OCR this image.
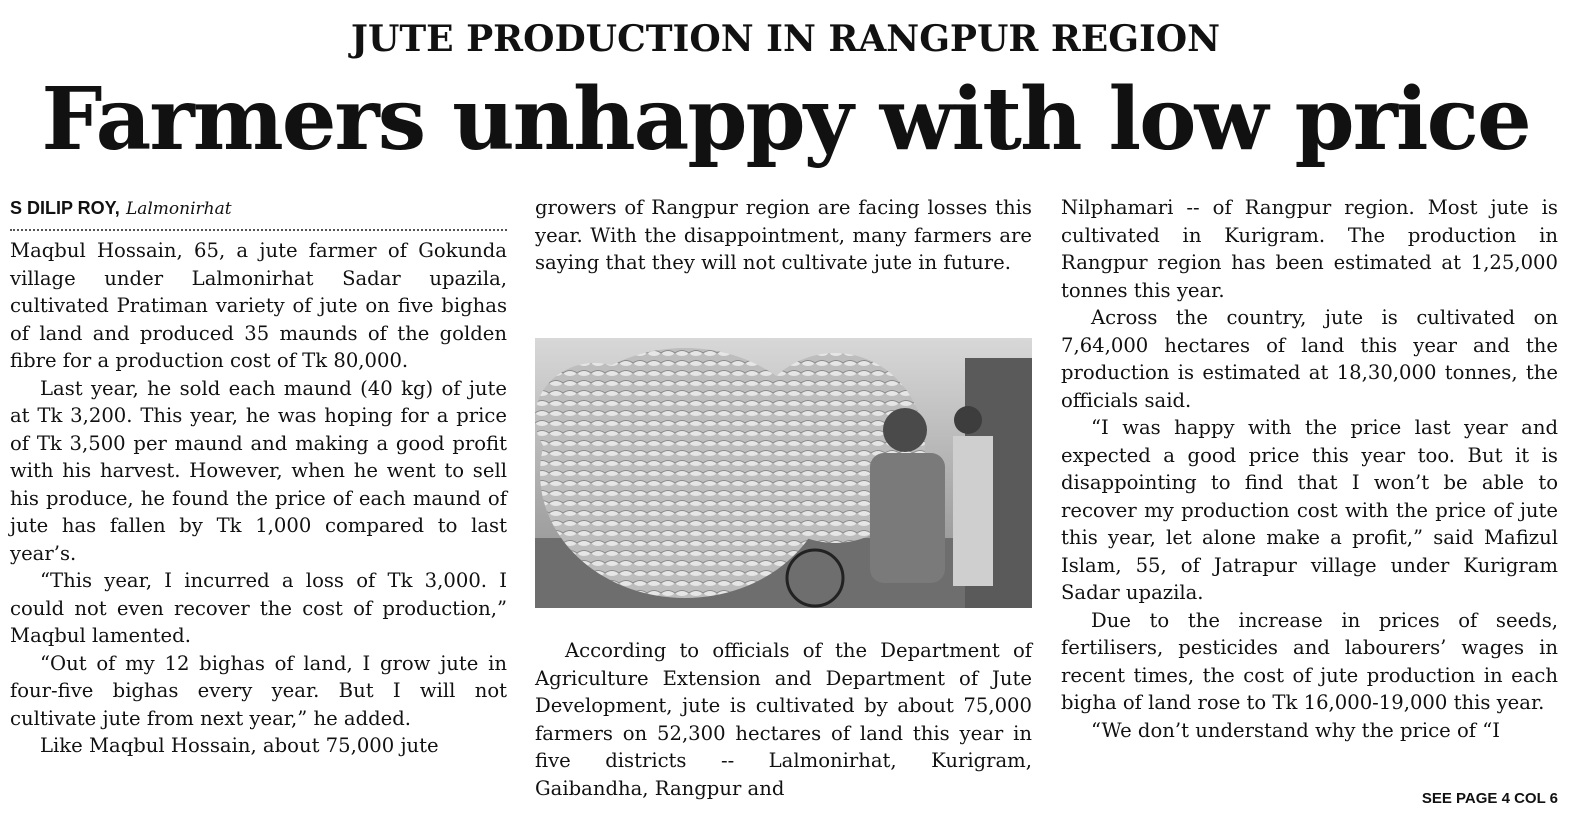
JUTE PRODUCTION IN RANGPUR REGION
Farmers unhappy with low price
S DILIP ROY, Lalmonirhat

Maqbul Hossain, 65, a jute farmer of Gokunda village under Lalmonirhat Sadar upazila, cultivated Pratiman variety of jute on five bighas of land and produced 35 maunds of the golden fibre for a production cost of Tk 80,000.

Last year, he sold each maund (40 kg) of jute at Tk 3,200. This year, he was hoping for a price of Tk 3,500 per maund and making a good profit with his harvest. However, when he went to sell his produce, he found the price of each maund of jute has fallen by Tk 1,000 compared to last year’s.

“This year, I incurred a loss of Tk 3,000. I could not even recover the cost of production,” Maqbul lamented.

“Out of my 12 bighas of land, I grow jute in four-five bighas every year. But I will not cultivate jute from next year,” he added.

Like Maqbul Hossain, about 75,000 jute

growers of Rangpur region are facing losses this year. With the disappointment, many farmers are saying that they will not cultivate jute in future.

According to officials of the Department of Agriculture Extension and Department of Jute Development, jute is cultivated by about 75,000 farmers on 52,300 hectares of land this year in five districts -- Lalmonirhat, Kurigram, Gaibandha, Rangpur and

Nilphamari -- of Rangpur region. Most jute is cultivated in Kurigram. The production in Rangpur region has been estimated at 1,25,000 tonnes this year.

Across the country, jute is cultivated on 7,64,000 hectares of land this year and the production is estimated at 18,30,000 tonnes, the officials said.

“I was happy with the price last year and expected a good price this year too. But it is disappointing to find that I won’t be able to recover my production cost with the price of jute this year, let alone make a profit,” said Mafizul Islam, 55, of Jatrapur village under Kurigram Sadar upazila.

Due to the increase in prices of seeds, fertilisers, pesticides and labourers’ wages in recent times, the cost of jute production in each bigha of land rose to Tk 16,000-19,000 this year.

“We don’t understand why the price of “I

SEE PAGE 4 COL 6
